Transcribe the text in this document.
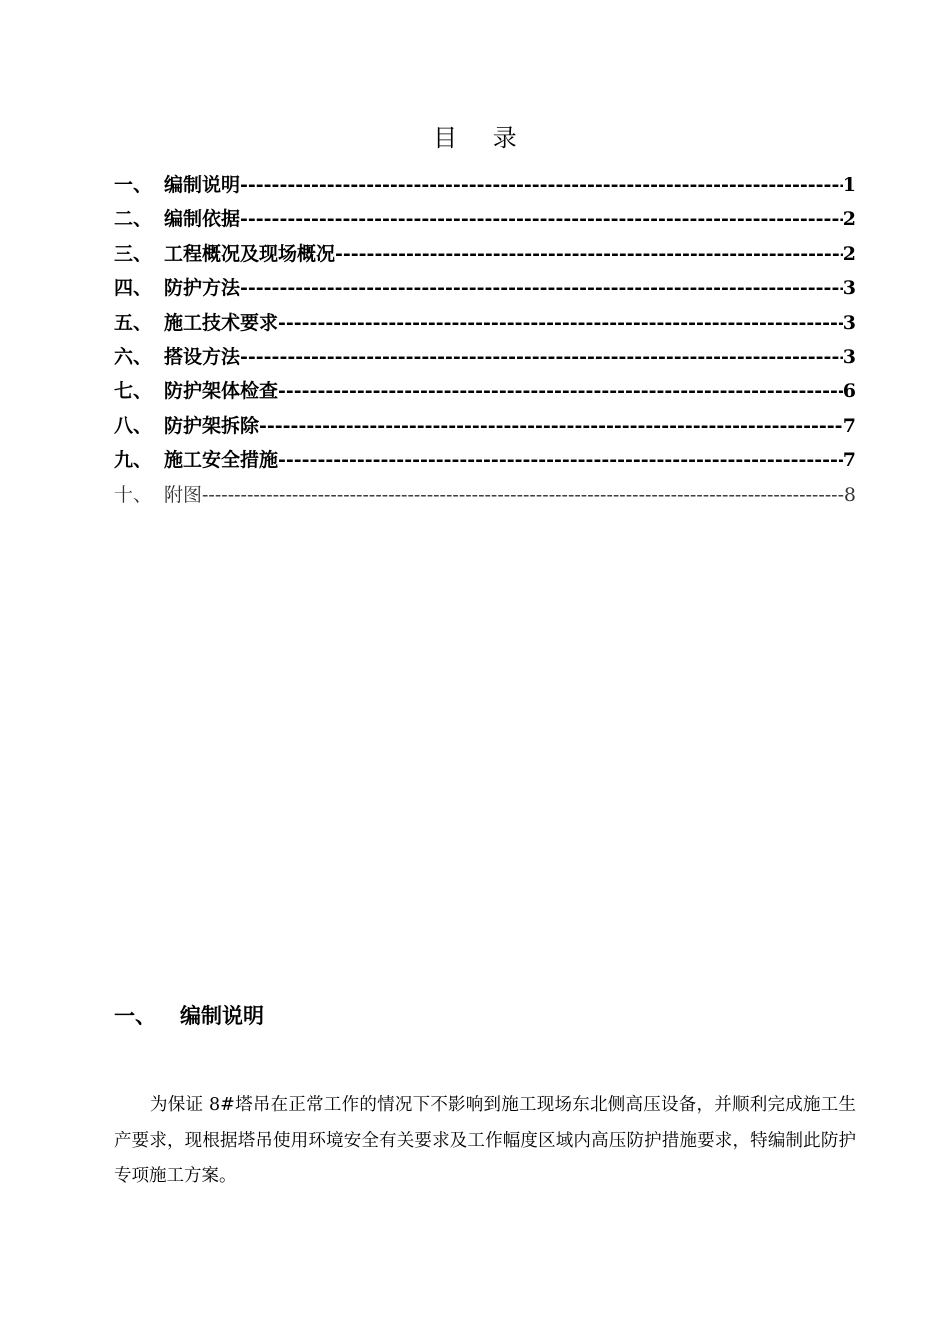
目 录
一、 编制说明 -----	1
二、 编制依据 -----	2
三、 工程概况及现场概况 -----	2
四、 防护方法 -----	3
五、 施工技术要求 -----	3
六、 搭设方法 -----	3
七、 防护架体检查 -----	6
八、 防护架拆除 -----	7
九、 施工安全措施 -----	7
十、 附图 -----	8
一、	编制说明

为保证 8#塔吊在正常工作的情况下不影响到施工现场东北侧高压设备，并顺利完成施工生产要求，现根据塔吊使用环境安全有关要求及工作幅度区域内高压防护措施要求，特编制此防护专项施工方案。
